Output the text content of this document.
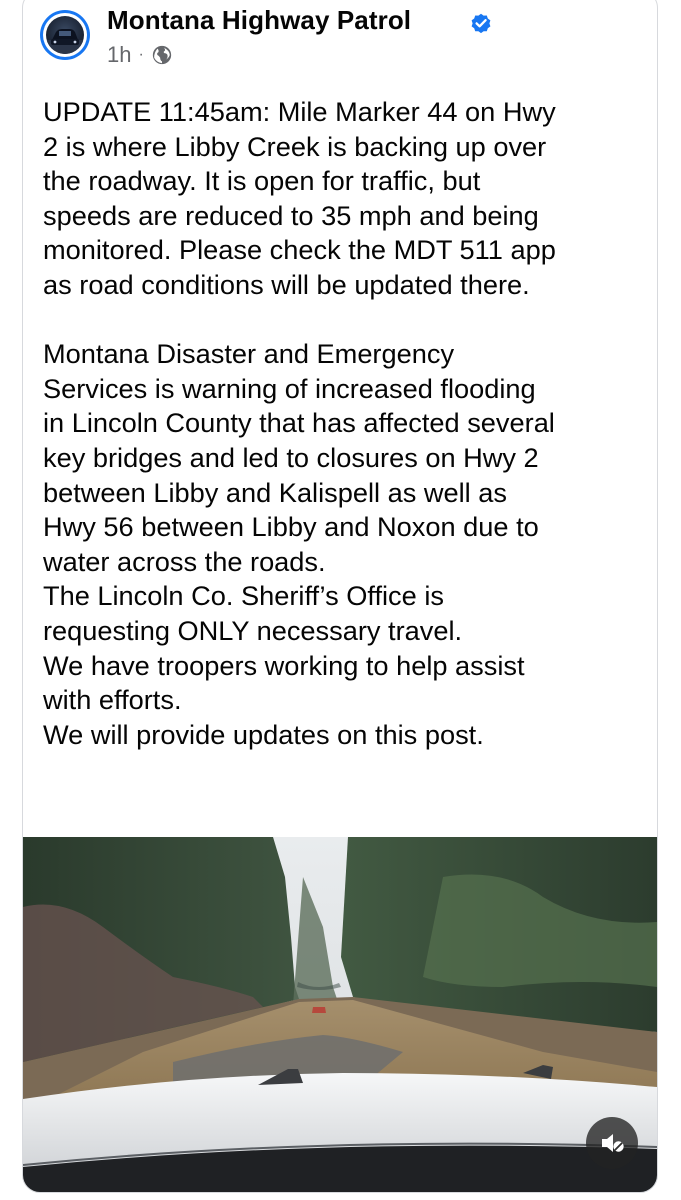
Montana Highway Patrol
1h ·

UPDATE 11:45am: Mile Marker 44 on Hwy

2 is where Libby Creek is backing up over

the roadway. It is open for traffic, but

speeds are reduced to 35 mph and being

monitored. Please check the MDT 511 app

as road conditions will be updated there.

Montana Disaster and Emergency

Services is warning of increased flooding

in Lincoln County that has affected several

key bridges and led to closures on Hwy 2

between Libby and Kalispell as well as

Hwy 56 between Libby and Noxon due to

water across the roads.

The Lincoln Co. Sheriff’s Office is

requesting ONLY necessary travel.

We have troopers working to help assist

with efforts.

We will provide updates on this post.
